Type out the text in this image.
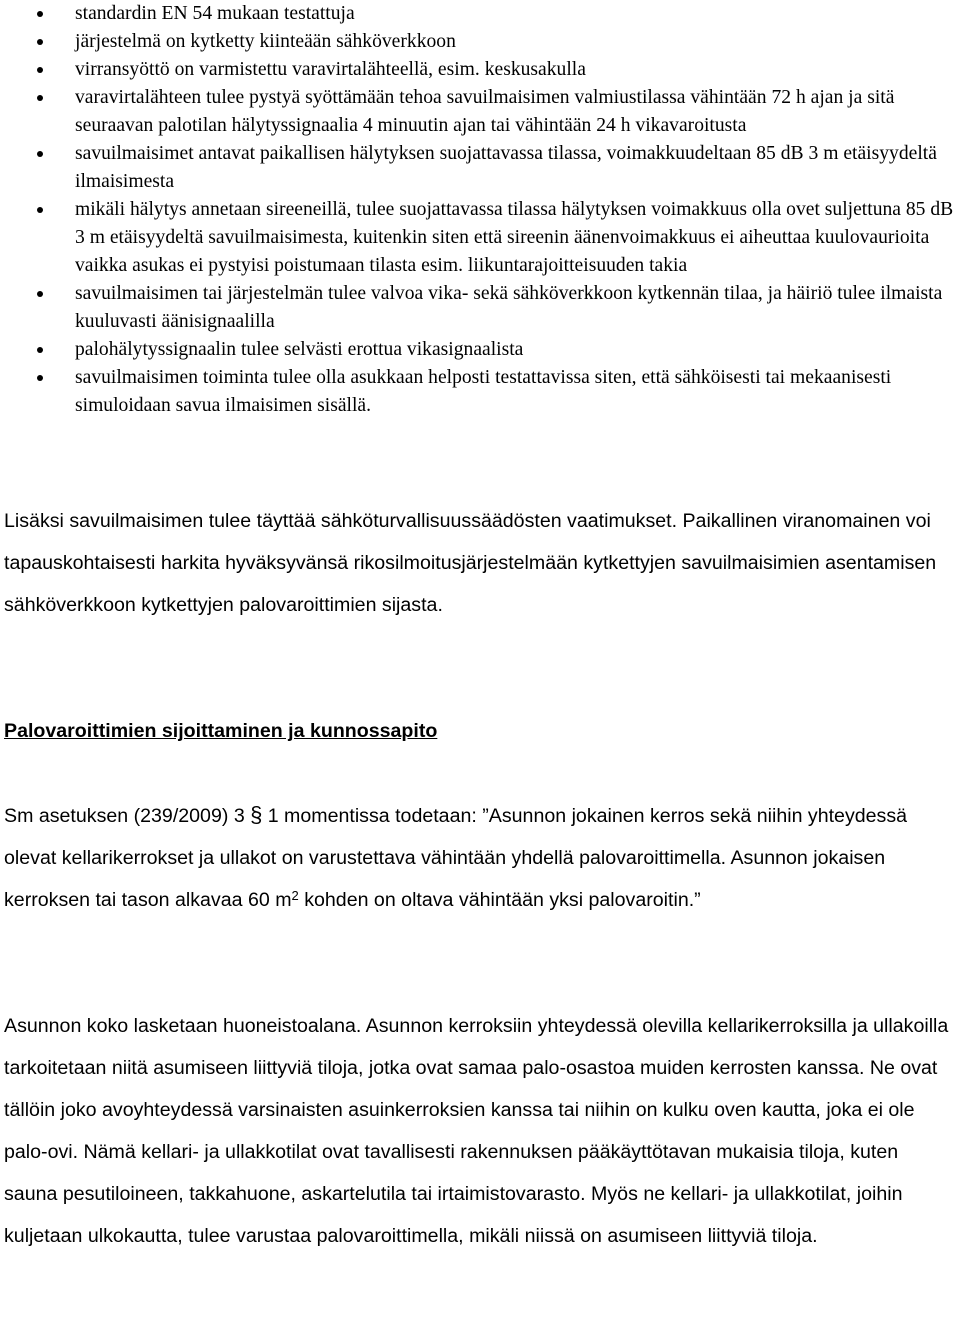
standardin EN 54 mukaan testattuja
järjestelmä on kytketty kiinteään sähköverkkoon
virransyöttö on varmistettu varavirtalähteellä, esim. keskusakulla
varavirtalähteen tulee pystyä syöttämään tehoa savuilmaisimen valmiustilassa vähintään 72 h ajan ja sitä seuraavan palotilan hälytyssignaalia 4 minuutin ajan tai vähintään 24 h vikavaroitusta
savuilmaisimet antavat paikallisen hälytyksen suojattavassa tilassa, voimakkuudeltaan 85 dB 3 m etäisyydeltä ilmaisimesta
mikäli hälytys annetaan sireeneillä, tulee suojattavassa tilassa hälytyksen voimakkuus olla ovet suljettuna 85 dB 3 m etäisyydeltä savuilmaisimesta, kuitenkin siten että sireenin äänenvoimakkuus ei aiheuttaa kuulovaurioita vaikka asukas ei pystyisi poistumaan tilasta esim. liikuntarajoitteisuuden takia
savuilmaisimen tai järjestelmän tulee valvoa vika- sekä sähköverkkoon kytkennän tilaa, ja häiriö tulee ilmaista kuuluvasti äänisignaalilla
palohälytyssignaalin tulee selvästi erottua vikasignaalista
savuilmaisimen toiminta tulee olla asukkaan helposti testattavissa siten, että sähköisesti tai mekaanisesti simuloidaan savua ilmaisimen sisällä.

Lisäksi savuilmaisimen tulee täyttää sähköturvallisuussäädösten vaatimukset. Paikallinen viranomainen voi tapauskohtaisesti harkita hyväksyvänsä rikosilmoitusjärjestelmään kytkettyjen savuilmaisimien asentamisen sähköverkkoon kytkettyjen palovaroittimien sijasta.

Palovaroittimien sijoittaminen ja kunnossapito

Sm asetuksen (239/2009) 3 § 1 momentissa todetaan: ”Asunnon jokainen kerros sekä niihin yhteydessä olevat kellarikerrokset ja ullakot on varustettava vähintään yhdellä palovaroittimella. Asunnon jokaisen kerroksen tai tason alkavaa 60 $m^2$ kohden on oltava vähintään yksi palovaroitin.”

Asunnon koko lasketaan huoneistoalana. Asunnon kerroksiin yhteydessä olevilla kellarikerroksilla ja ullakoilla tarkoitetaan niitä asumiseen liittyviä tiloja, jotka ovat samaa palo-osastoa muiden kerrosten kanssa. Ne ovat tällöin joko avoyhteydessä varsinaisten asuinkerroksien kanssa tai niihin on kulku oven kautta, joka ei ole palo-ovi. Nämä kellari- ja ullakkotilat ovat tavallisesti rakennuksen pääkäyttötavan mukaisia tiloja, kuten sauna pesutiloineen, takkahuone, askartelutila tai irtaimistovarasto. Myös ne kellari- ja ullakkotilat, joihin kuljetaan ulkokautta, tulee varustaa palovaroittimella, mikäli niissä on asumiseen liittyviä tiloja.
